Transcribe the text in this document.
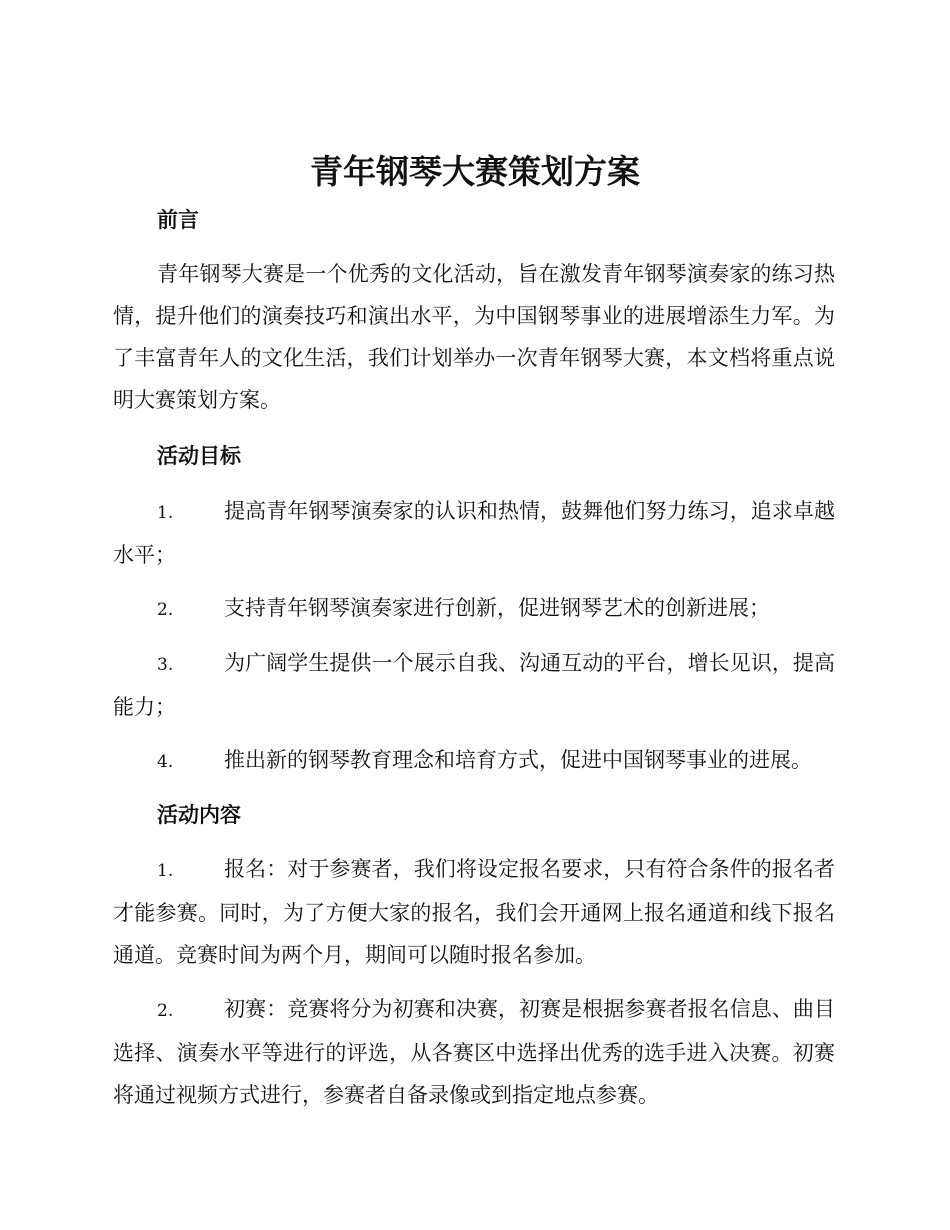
青年钢琴大赛策划方案
前言

青年钢琴大赛是一个优秀的文化活动，旨在激发青年钢琴演奏家的练习热情，提升他们的演奏技巧和演出水平，为中国钢琴事业的进展增添生力军。为了丰富青年人的文化生活，我们计划举办一次青年钢琴大赛，本文档将重点说明大赛策划方案。

活动目标

1. 提高青年钢琴演奏家的认识和热情，鼓舞他们努力练习，追求卓越水平；

2. 支持青年钢琴演奏家进行创新，促进钢琴艺术的创新进展；

3. 为广阔学生提供一个展示自我、沟通互动的平台，增长见识，提高能力；

4. 推出新的钢琴教育理念和培育方式，促进中国钢琴事业的进展。

活动内容

1. 报名：对于参赛者，我们将设定报名要求，只有符合条件的报名者才能参赛。同时，为了方便大家的报名，我们会开通网上报名通道和线下报名通道。竞赛时间为两个月，期间可以随时报名参加。

2. 初赛：竞赛将分为初赛和决赛，初赛是根据参赛者报名信息、曲目选择、演奏水平等进行的评选，从各赛区中选择出优秀的选手进入决赛。初赛将通过视频方式进行，参赛者自备录像或到指定地点参赛。
